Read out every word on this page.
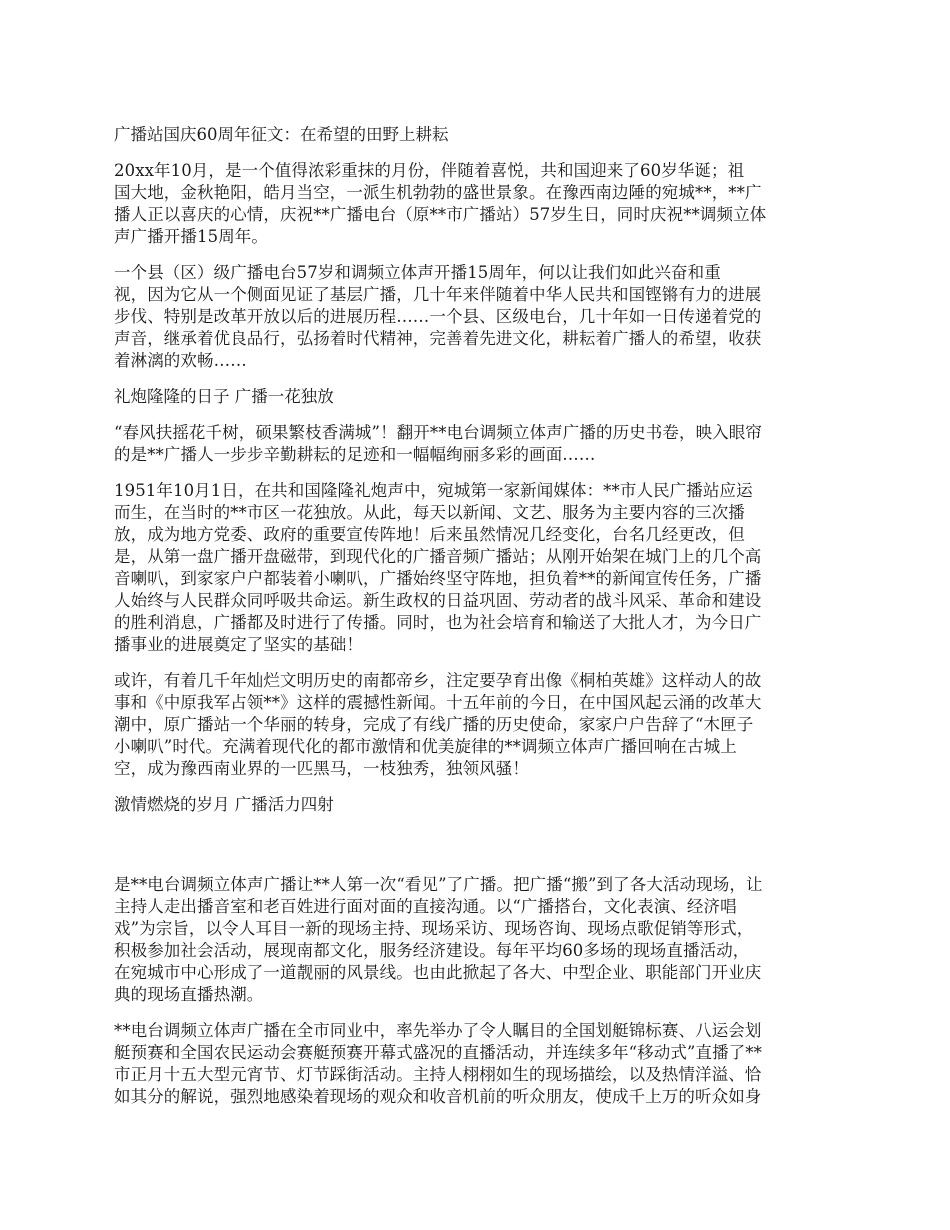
广播站国庆60周年征文：在希望的田野上耕耘
20xx年10月，是一个值得浓彩重抹的月份，伴随着喜悦，共和国迎来了60岁华诞；祖
国大地，金秋艳阳，皓月当空，一派生机勃勃的盛世景象。在豫西南边陲的宛城**，**广
播人正以喜庆的心情，庆祝**广播电台（原**市广播站）57岁生日，同时庆祝**调频立体
声广播开播15周年。
一个县（区）级广播电台57岁和调频立体声开播15周年，何以让我们如此兴奋和重
视，因为它从一个侧面见证了基层广播，几十年来伴随着中华人民共和国铿锵有力的进展
步伐、特别是改革开放以后的进展历程……一个县、区级电台，几十年如一日传递着党的
声音，继承着优良品行，弘扬着时代精神，完善着先进文化，耕耘着广播人的希望，收获
着淋漓的欢畅……
礼炮隆隆的日子 广播一花独放
“春风扶摇花千树，硕果繁枝香满城”！翻开**电台调频立体声广播的历史书卷，映入眼帘
的是**广播人一步步辛勤耕耘的足迹和一幅幅绚丽多彩的画面……
1951年10月1日，在共和国隆隆礼炮声中，宛城第一家新闻媒体：**市人民广播站应运
而生，在当时的**市区一花独放。从此，每天以新闻、文艺、服务为主要内容的三次播
放，成为地方党委、政府的重要宣传阵地！后来虽然情况几经变化，台名几经更改，但
是，从第一盘广播开盘磁带，到现代化的广播音频广播站；从刚开始架在城门上的几个高
音喇叭，到家家户户都装着小喇叭，广播始终坚守阵地，担负着**的新闻宣传任务，广播
人始终与人民群众同呼吸共命运。新生政权的日益巩固、劳动者的战斗风采、革命和建设
的胜利消息，广播都及时进行了传播。同时，也为社会培育和输送了大批人才，为今日广
播事业的进展奠定了坚实的基础！
或许，有着几千年灿烂文明历史的南都帝乡，注定要孕育出像《桐柏英雄》这样动人的故
事和《中原我军占领**》这样的震撼性新闻。十五年前的今日，在中国风起云涌的改革大
潮中，原广播站一个华丽的转身，完成了有线广播的历史使命，家家户户告辞了“木匣子
小喇叭”时代。充满着现代化的都市激情和优美旋律的**调频立体声广播回响在古城上
空，成为豫西南业界的一匹黑马，一枝独秀，独领风骚！
激情燃烧的岁月 广播活力四射
是**电台调频立体声广播让**人第一次“看见”了广播。把广播“搬”到了各大活动现场，让
主持人走出播音室和老百姓进行面对面的直接沟通。以“广播搭台，文化表演、经济唱
戏”为宗旨，以令人耳目一新的现场主持、现场采访、现场咨询、现场点歌促销等形式，
积极参加社会活动，展现南都文化，服务经济建设。每年平均60多场的现场直播活动，
在宛城市中心形成了一道靓丽的风景线。也由此掀起了各大、中型企业、职能部门开业庆
典的现场直播热潮。
**电台调频立体声广播在全市同业中，率先举办了令人瞩目的全国划艇锦标赛、八运会划
艇预赛和全国农民运动会赛艇预赛开幕式盛况的直播活动，并连续多年“移动式”直播了**
市正月十五大型元宵节、灯节踩街活动。主持人栩栩如生的现场描绘，以及热情洋溢、恰
如其分的解说，强烈地感染着现场的观众和收音机前的听众朋友，使成千上万的听众如身
